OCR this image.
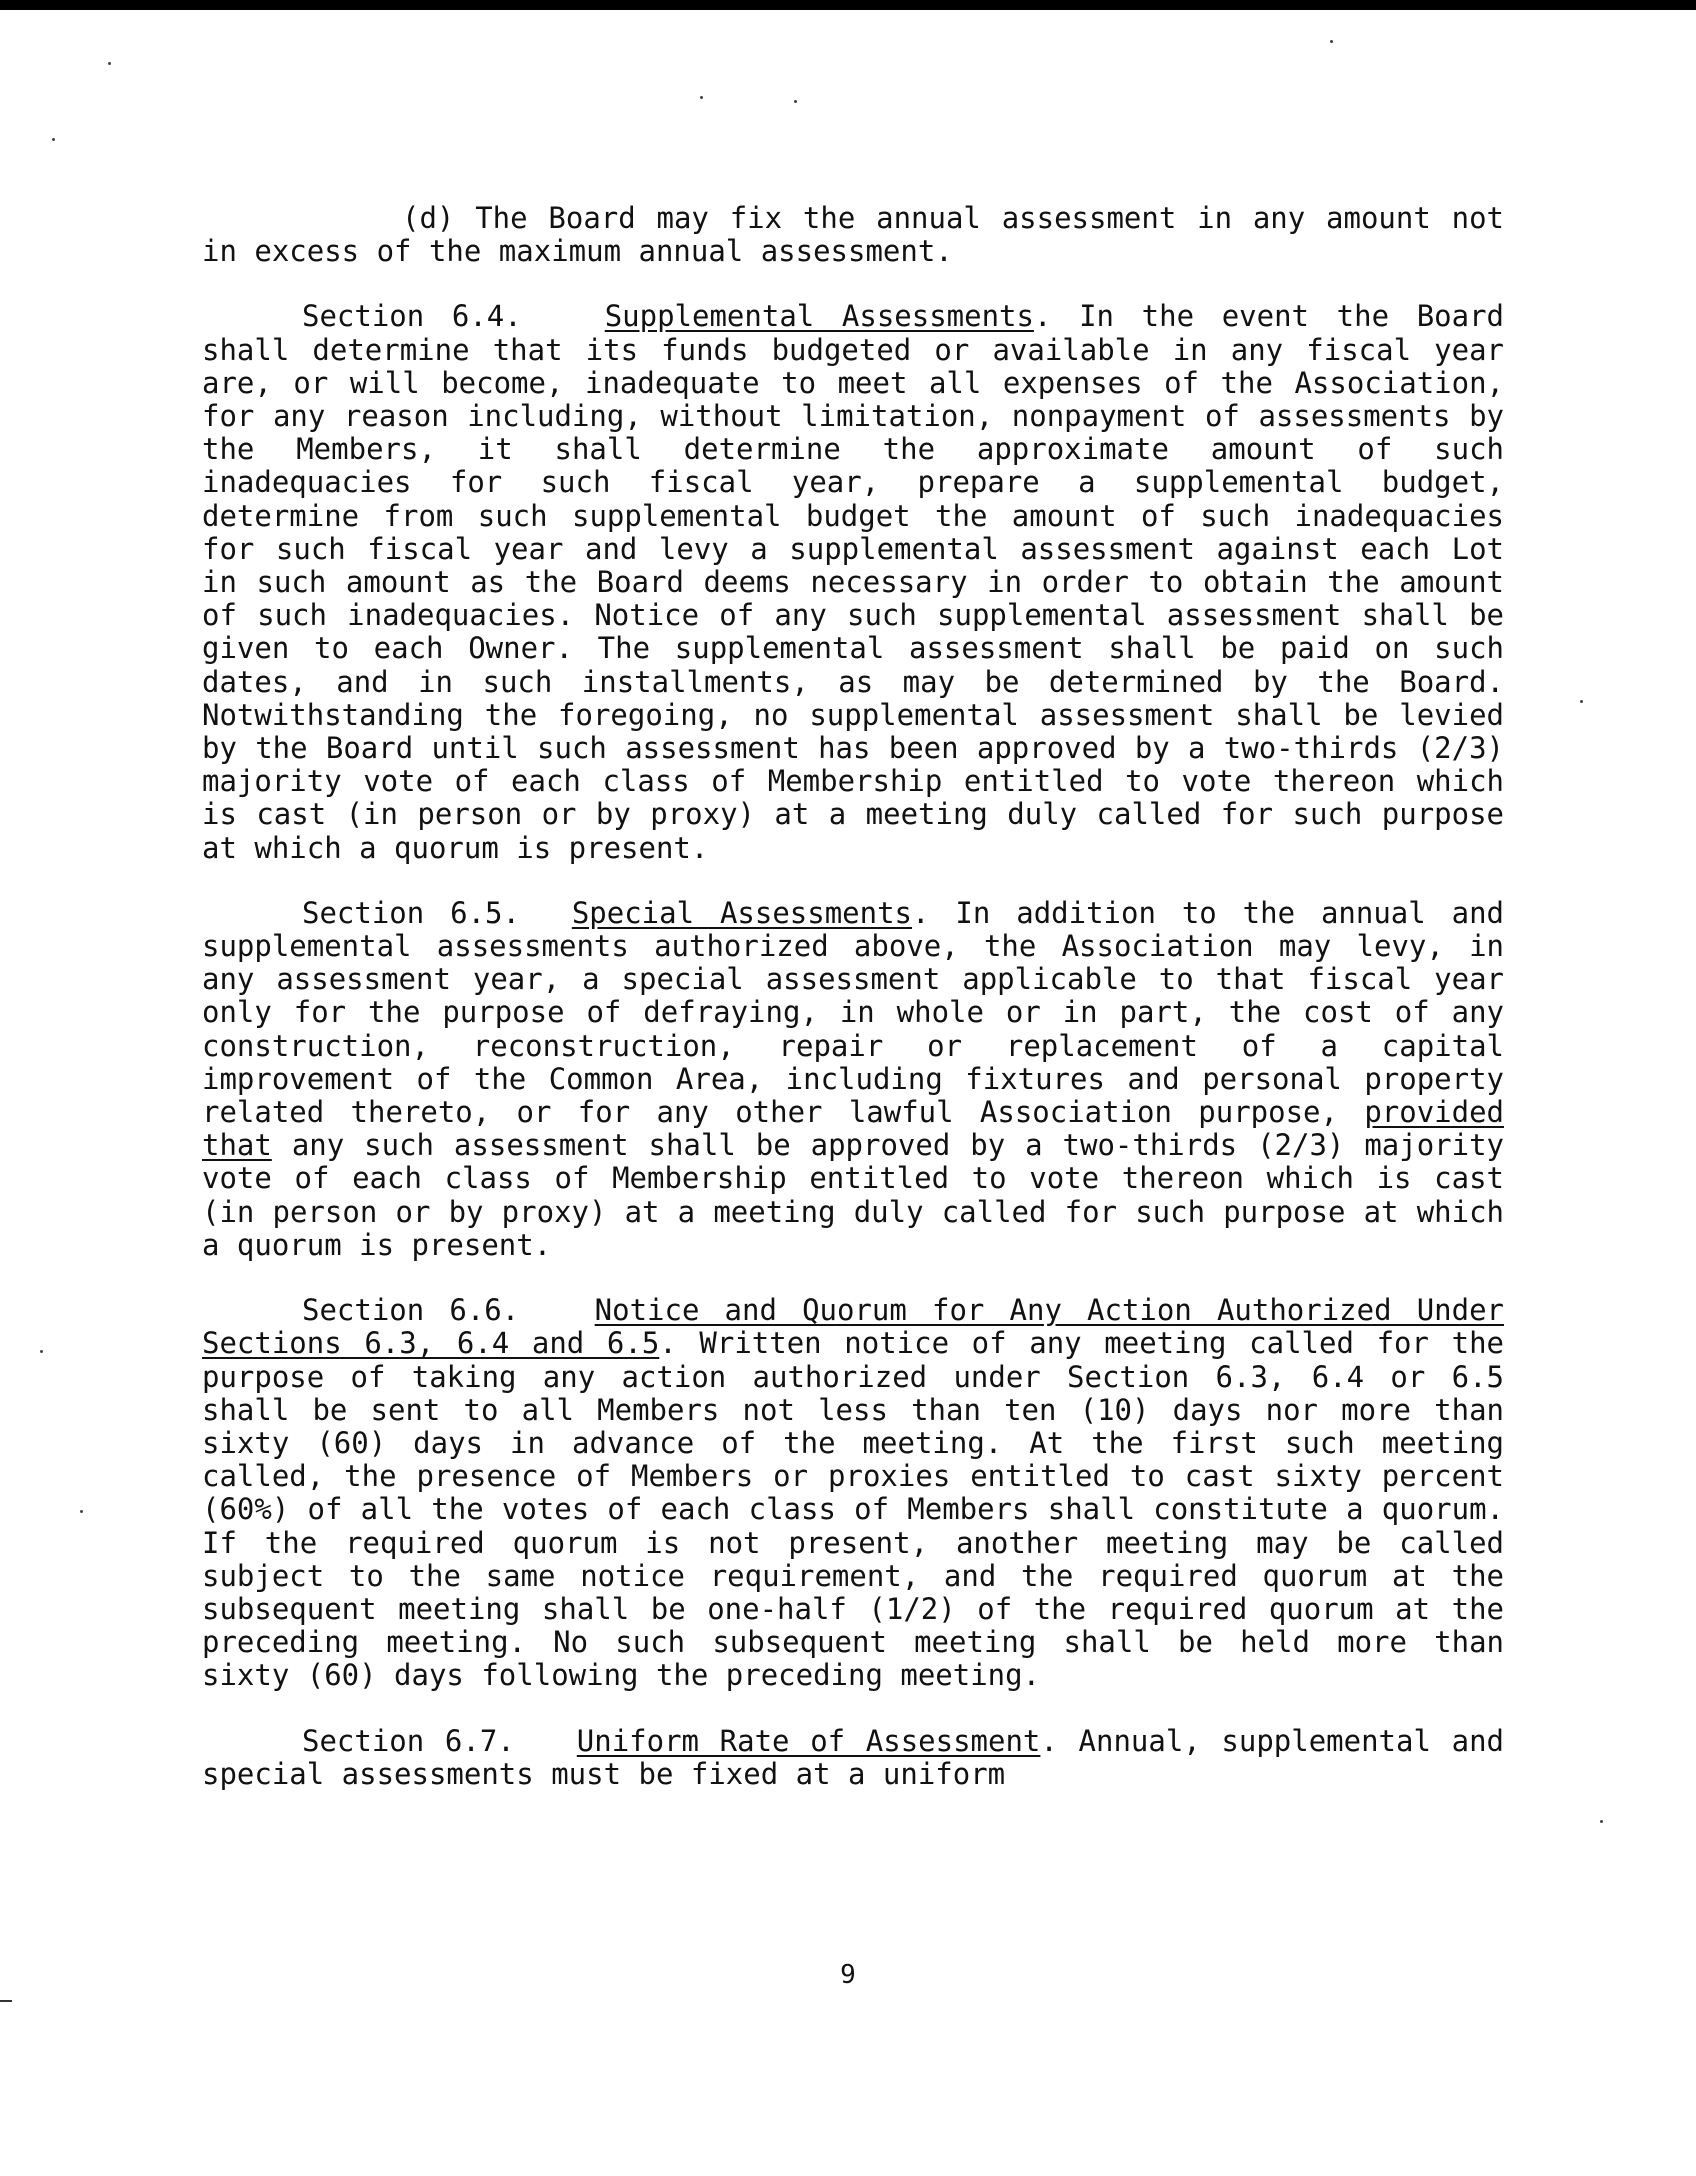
(d) The Board may fix the annual assessment in any amount not in excess of the maximum annual assessment.

Section 6.4.	Supplemental Assessments. In the event the Board shall determine that its funds budgeted or available in any fiscal year are, or will become, inadequate to meet all expenses of the Association, for any reason including, without limitation, nonpayment of assessments by the Members, it shall determine the approximate amount of such inadequacies for such fiscal year, prepare a supplemental budget, determine from such supplemental budget the amount of such inadequacies for such fiscal year and levy a supplemental assessment against each Lot in such amount as the Board deems necessary in order to obtain the amount of such inadequacies. Notice of any such supplemental assessment shall be given to each Owner. The supplemental assessment shall be paid on such dates, and in such installments, as may be determined by the Board. Notwithstanding the foregoing, no supplemental assessment shall be levied by the Board until such assessment has been approved by a two-thirds (2/3) majority vote of each class of Membership entitled to vote thereon which is cast (in person or by proxy) at a meeting duly called for such purpose at which a quorum is present.

Section 6.5. Special Assessments. In addition to the annual and supplemental assessments authorized above, the Association may levy, in any assessment year, a special assessment applicable to that fiscal year only for the purpose of defraying, in whole or in part, the cost of any construction, reconstruction, repair or replacement of a capital improvement of the Common Area, including fixtures and personal property related thereto, or for any other lawful Association purpose, provided that any such assessment shall be approved by a two-thirds (2/3) majority vote of each class of Membership entitled to vote thereon which is cast (in person or by proxy) at a meeting duly called for such purpose at which a quorum is present.

Section 6.6.	Notice and Quorum for Any Action Authorized Under Sections 6.3, 6.4 and 6.5. Written notice of any meeting called for the purpose of taking any action authorized under Section 6.3, 6.4 or 6.5 shall be sent to all Members not less than ten (10) days nor more than sixty (60) days in advance of the meeting. At the first such meeting called, the presence of Members or proxies entitled to cast sixty percent (60%) of all the votes of each class of Members shall constitute a quorum. If the required quorum is not present, another meeting may be called subject to the same notice requirement, and the required quorum at the subsequent meeting shall be one-half (1/2) of the required quorum at the preceding meeting. No such subsequent meeting shall be held more than sixty (60) days following the preceding meeting.

Section 6.7. Uniform Rate of Assessment. Annual, supplemental and special assessments must be fixed at a uniform

9
